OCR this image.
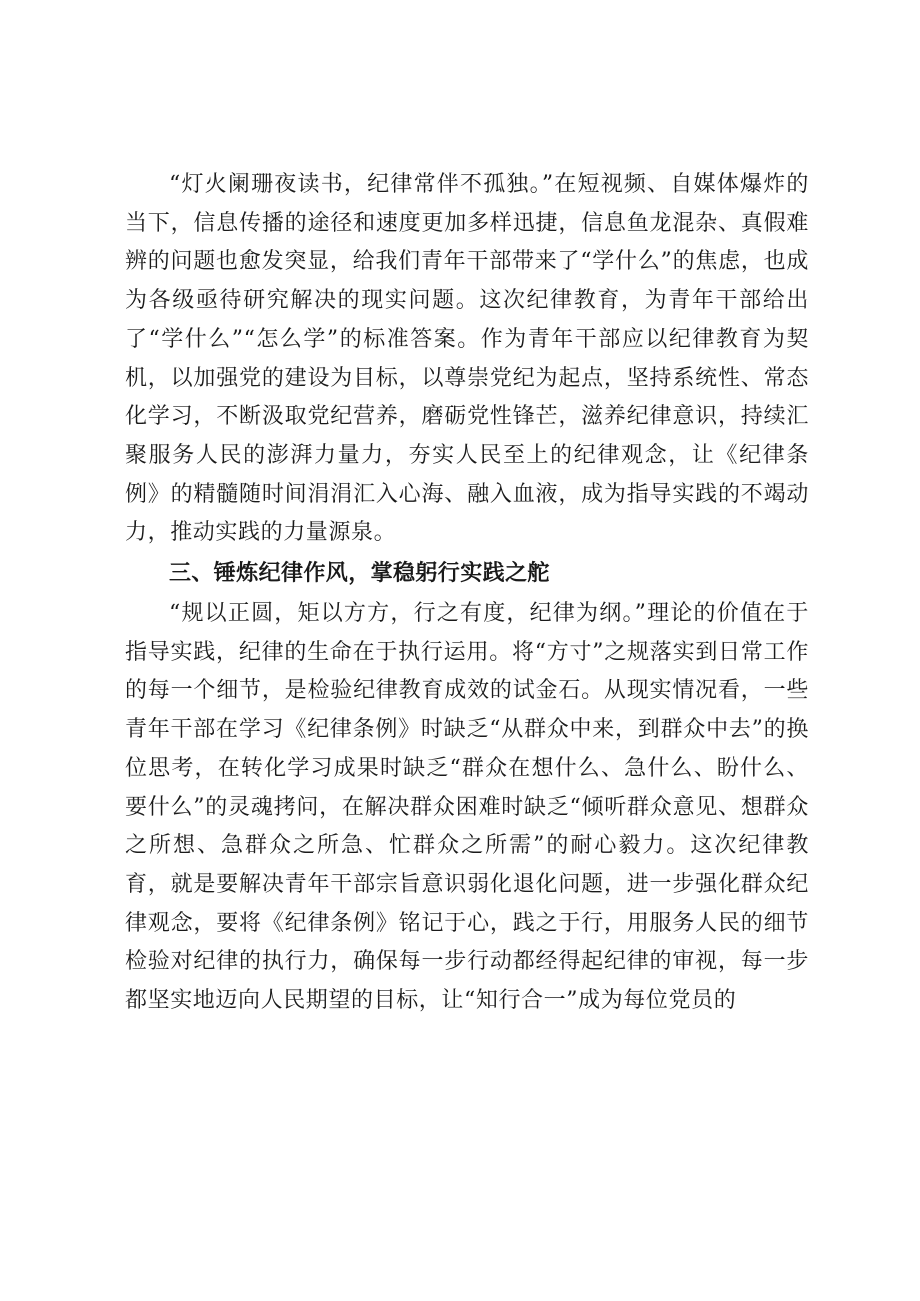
“灯火阑珊夜读书，纪律常伴不孤独。”在短视频、自媒体爆炸的当下，信息传播的途径和速度更加多样迅捷，信息鱼龙混杂、真假难辨的问题也愈发突显，给我们青年干部带来了“学什么”的焦虑，也成为各级亟待研究解决的现实问题。这次纪律教育，为青年干部给出了“学什么”“怎么学”的标准答案。作为青年干部应以纪律教育为契机，以加强党的建设为目标，以尊崇党纪为起点，坚持系统性、常态化学习，不断汲取党纪营养，磨砺党性锋芒，滋养纪律意识，持续汇聚服务人民的澎湃力量力，夯实人民至上的纪律观念，让《纪律条例》的精髓随时间涓涓汇入心海、融入血液，成为指导实践的不竭动力，推动实践的力量源泉。

三、锤炼纪律作风，掌稳躬行实践之舵

“规以正圆，矩以方方，行之有度，纪律为纲。”理论的价值在于指导实践，纪律的生命在于执行运用。将“方寸”之规落实到日常工作的每一个细节，是检验纪律教育成效的试金石。从现实情况看，一些青年干部在学习《纪律条例》时缺乏“从群众中来，到群众中去”的换位思考，在转化学习成果时缺乏“群众在想什么、急什么、盼什么、要什么”的灵魂拷问，在解决群众困难时缺乏“倾听群众意见、想群众之所想、急群众之所急、忙群众之所需”的耐心毅力。这次纪律教育，就是要解决青年干部宗旨意识弱化退化问题，进一步强化群众纪律观念，要将《纪律条例》铭记于心，践之于行，用服务人民的细节检验对纪律的执行力，确保每一步行动都经得起纪律的审视，每一步都坚实地迈向人民期望的目标，让“知行合一”成为每位党员的
